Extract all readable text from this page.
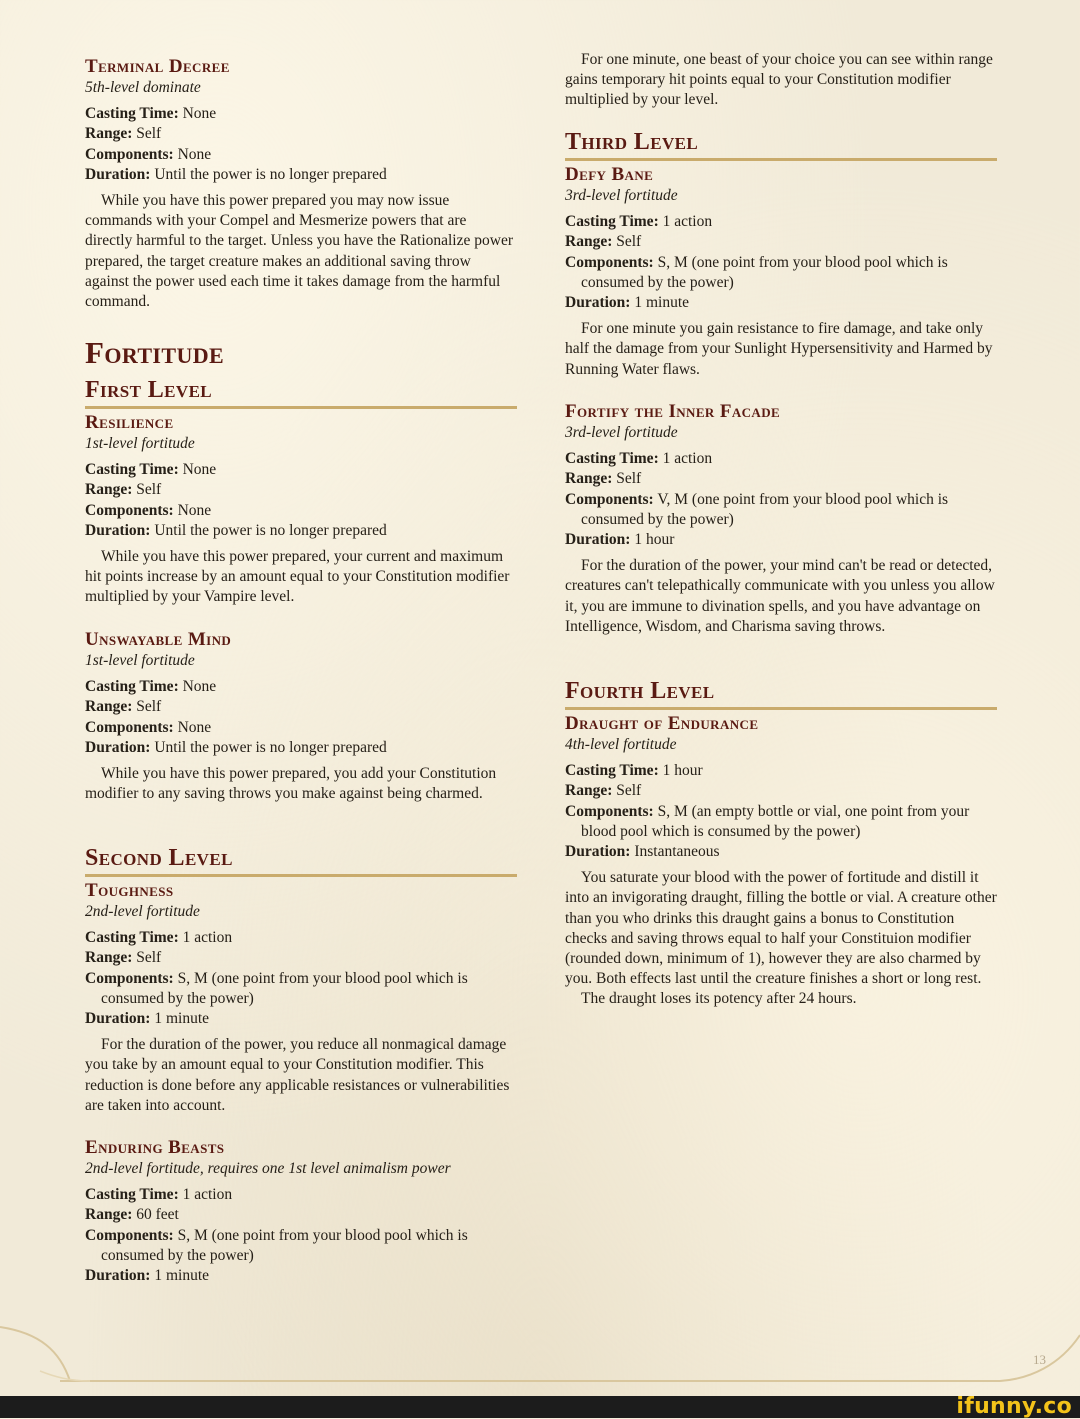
Terminal Decree

5th-level dominate

Casting Time: None

Range: Self

Components: None

Duration: Until the power is no longer prepared

While you have this power prepared you may now issue commands with your Compel and Mesmerize powers that are directly harmful to the target. Unless you have the Rationalize power prepared, the target creature makes an additional saving throw against the power used each time it takes damage from the harmful command.

Fortitude

First Level

Resilience

1st-level fortitude

Casting Time: None

Range: Self

Components: None

Duration: Until the power is no longer prepared

While you have this power prepared, your current and maximum hit points increase by an amount equal to your Constitution modifier multiplied by your Vampire level.

Unswayable Mind

1st-level fortitude

Casting Time: None

Range: Self

Components: None

Duration: Until the power is no longer prepared

While you have this power prepared, you add your Constitution modifier to any saving throws you make against being charmed.

Second Level

Toughness

2nd-level fortitude

Casting Time: 1 action

Range: Self

Components: S, M (one point from your blood pool which is consumed by the power)

Duration: 1 minute

For the duration of the power, you reduce all nonmagical damage you take by an amount equal to your Constitution modifier. This reduction is done before any applicable resistances or vulnerabilities are taken into account.

Enduring Beasts

2nd-level fortitude, requires one 1st level animalism power

Casting Time: 1 action

Range: 60 feet

Components: S, M (one point from your blood pool which is consumed by the power)

Duration: 1 minute

For one minute, one beast of your choice you can see within range gains temporary hit points equal to your Constitution modifier multiplied by your level.

Third Level

Defy Bane

3rd-level fortitude

Casting Time: 1 action

Range: Self

Components: S, M (one point from your blood pool which is consumed by the power)

Duration: 1 minute

For one minute you gain resistance to fire damage, and take only half the damage from your Sunlight Hypersensitivity and Harmed by Running Water flaws.

Fortify the Inner Facade

3rd-level fortitude

Casting Time: 1 action

Range: Self

Components: V, M (one point from your blood pool which is consumed by the power)

Duration: 1 hour

For the duration of the power, your mind can't be read or detected, creatures can't telepathically communicate with you unless you allow it, you are immune to divination spells, and you have advantage on Intelligence, Wisdom, and Charisma saving throws.

Fourth Level

Draught of Endurance

4th-level fortitude

Casting Time: 1 hour

Range: Self

Components: S, M (an empty bottle or vial, one point from your blood pool which is consumed by the power)

Duration: Instantaneous

You saturate your blood with the power of fortitude and distill it into an invigorating draught, filling the bottle or vial. A creature other than you who drinks this draught gains a bonus to Constitution checks and saving throws equal to half your Constituion modifier (rounded down, minimum of 1), however they are also charmed by you. Both effects last until the creature finishes a short or long rest.

The draught loses its potency after 24 hours.

13
ifunny.co
